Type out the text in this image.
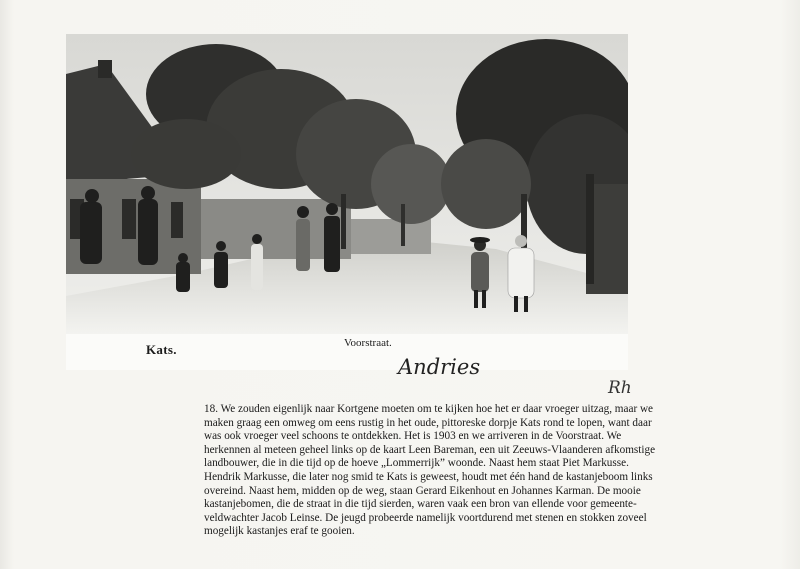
Kats.	Voorstraat.
Andries
Rh
18. We zouden eigenlijk naar Kortgene moeten om te kijken hoe het er daar vroeger uitzag, maar we
maken graag een omweg om eens rustig in het oude, pittoreske dorpje Kats rond te lopen, want daar
was ook vroeger veel schoons te ontdekken. Het is 1903 en we arriveren in de Voorstraat. We
herkennen al meteen geheel links op de kaart Leen Bareman, een uit Zeeuws-Vlaanderen afkomstige
landbouwer, die in die tijd op de hoeve „Lommerrijk” woonde. Naast hem staat Piet Markusse.
Hendrik Markusse, die later nog smid te Kats is geweest, houdt met één hand de kastanjeboom links
overeind. Naast hem, midden op de weg, staan Gerard Eikenhout en Johannes Karman. De mooie
kastanjebomen, die de straat in die tijd sierden, waren vaak een bron van ellende voor gemeente-
veldwachter Jacob Leinse. De jeugd probeerde namelijk voortdurend met stenen en stokken zoveel
mogelijk kastanjes eraf te gooien.
